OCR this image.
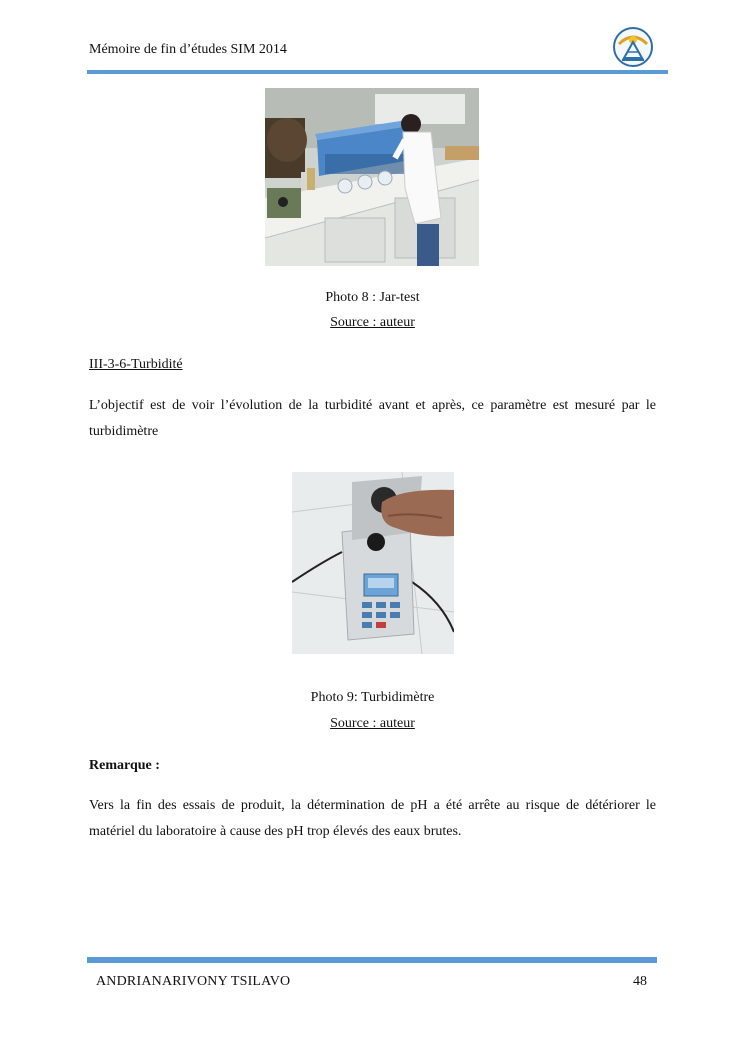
Mémoire de fin d’études SIM 2014
Photo 8 : Jar-test
Source : auteur
III-3-6-Turbidité
L’objectif est de voir l’évolution de la turbidité avant et après, ce paramètre est mesuré par le turbidimètre
Photo 9: Turbidimètre
Source : auteur
Remarque :
Vers la fin des essais de produit, la détermination de pH a été arrête au risque de détériorer le matériel du laboratoire à cause des pH trop élevés des eaux brutes.
ANDRIANARIVONY TSILAVO	48
